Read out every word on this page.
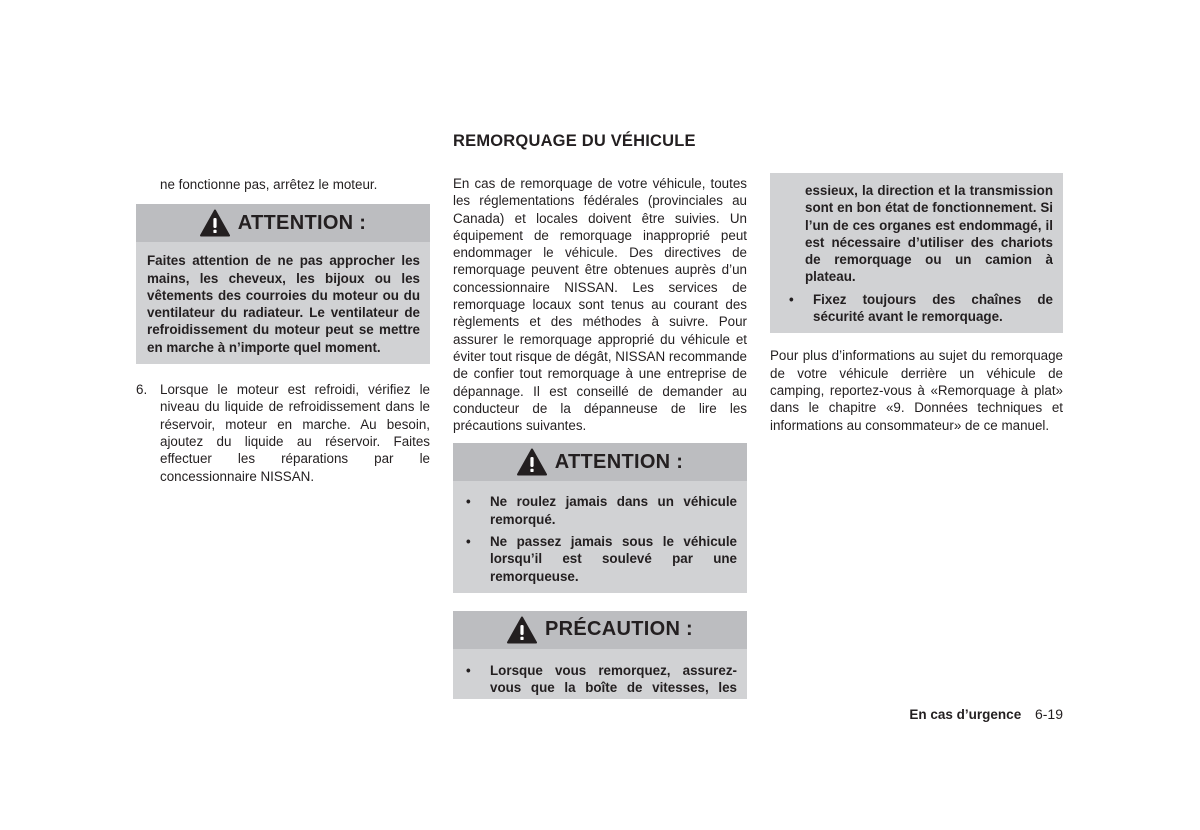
ne fonctionne pas, arrêtez le moteur.
ATTENTION :
Faites attention de ne pas approcher les mains, les cheveux, les bijoux ou les vêtements des courroies du moteur ou du ventilateur du radiateur. Le ventilateur de refroidissement du moteur peut se mettre en marche à n’importe quel moment.
6. Lorsque le moteur est refroidi, vérifiez le niveau du liquide de refroidissement dans le réservoir, moteur en marche. Au besoin, ajoutez du liquide au réservoir. Faites effectuer les réparations par le concessionnaire NISSAN.
REMORQUAGE DU VÉHICULE
En cas de remorquage de votre véhicule, toutes les réglementations fédérales (provinciales au Canada) et locales doivent être suivies. Un équipement de remorquage inapproprié peut endommager le véhicule. Des directives de remorquage peuvent être obtenues auprès d’un concessionnaire NISSAN. Les services de remorquage locaux sont tenus au courant des règlements et des méthodes à suivre. Pour assurer le remorquage approprié du véhicule et éviter tout risque de dégât, NISSAN recommande de confier tout remorquage à une entreprise de dépannage. Il est conseillé de demander au conducteur de la dépanneuse de lire les précautions suivantes.
ATTENTION :
•	Ne roulez jamais dans un véhicule remorqué.
•	Ne passez jamais sous le véhicule lorsqu’il est soulevé par une remorqueuse.
PRÉCAUTION :
•	Lorsque vous remorquez, assurez-vous que la boîte de vitesses, les
essieux, la direction et la transmission sont en bon état de fonctionnement. Si l’un de ces organes est endommagé, il est nécessaire d’utiliser des chariots de remorquage ou un camion à plateau.
•	Fixez toujours des chaînes de sécurité avant le remorquage.
Pour plus d’informations au sujet du remorquage de votre véhicule derrière un véhicule de camping, reportez-vous à «Remorquage à plat» dans le chapitre «9. Données techniques et informations au consommateur» de ce manuel.
En cas d’urgence 6-19
